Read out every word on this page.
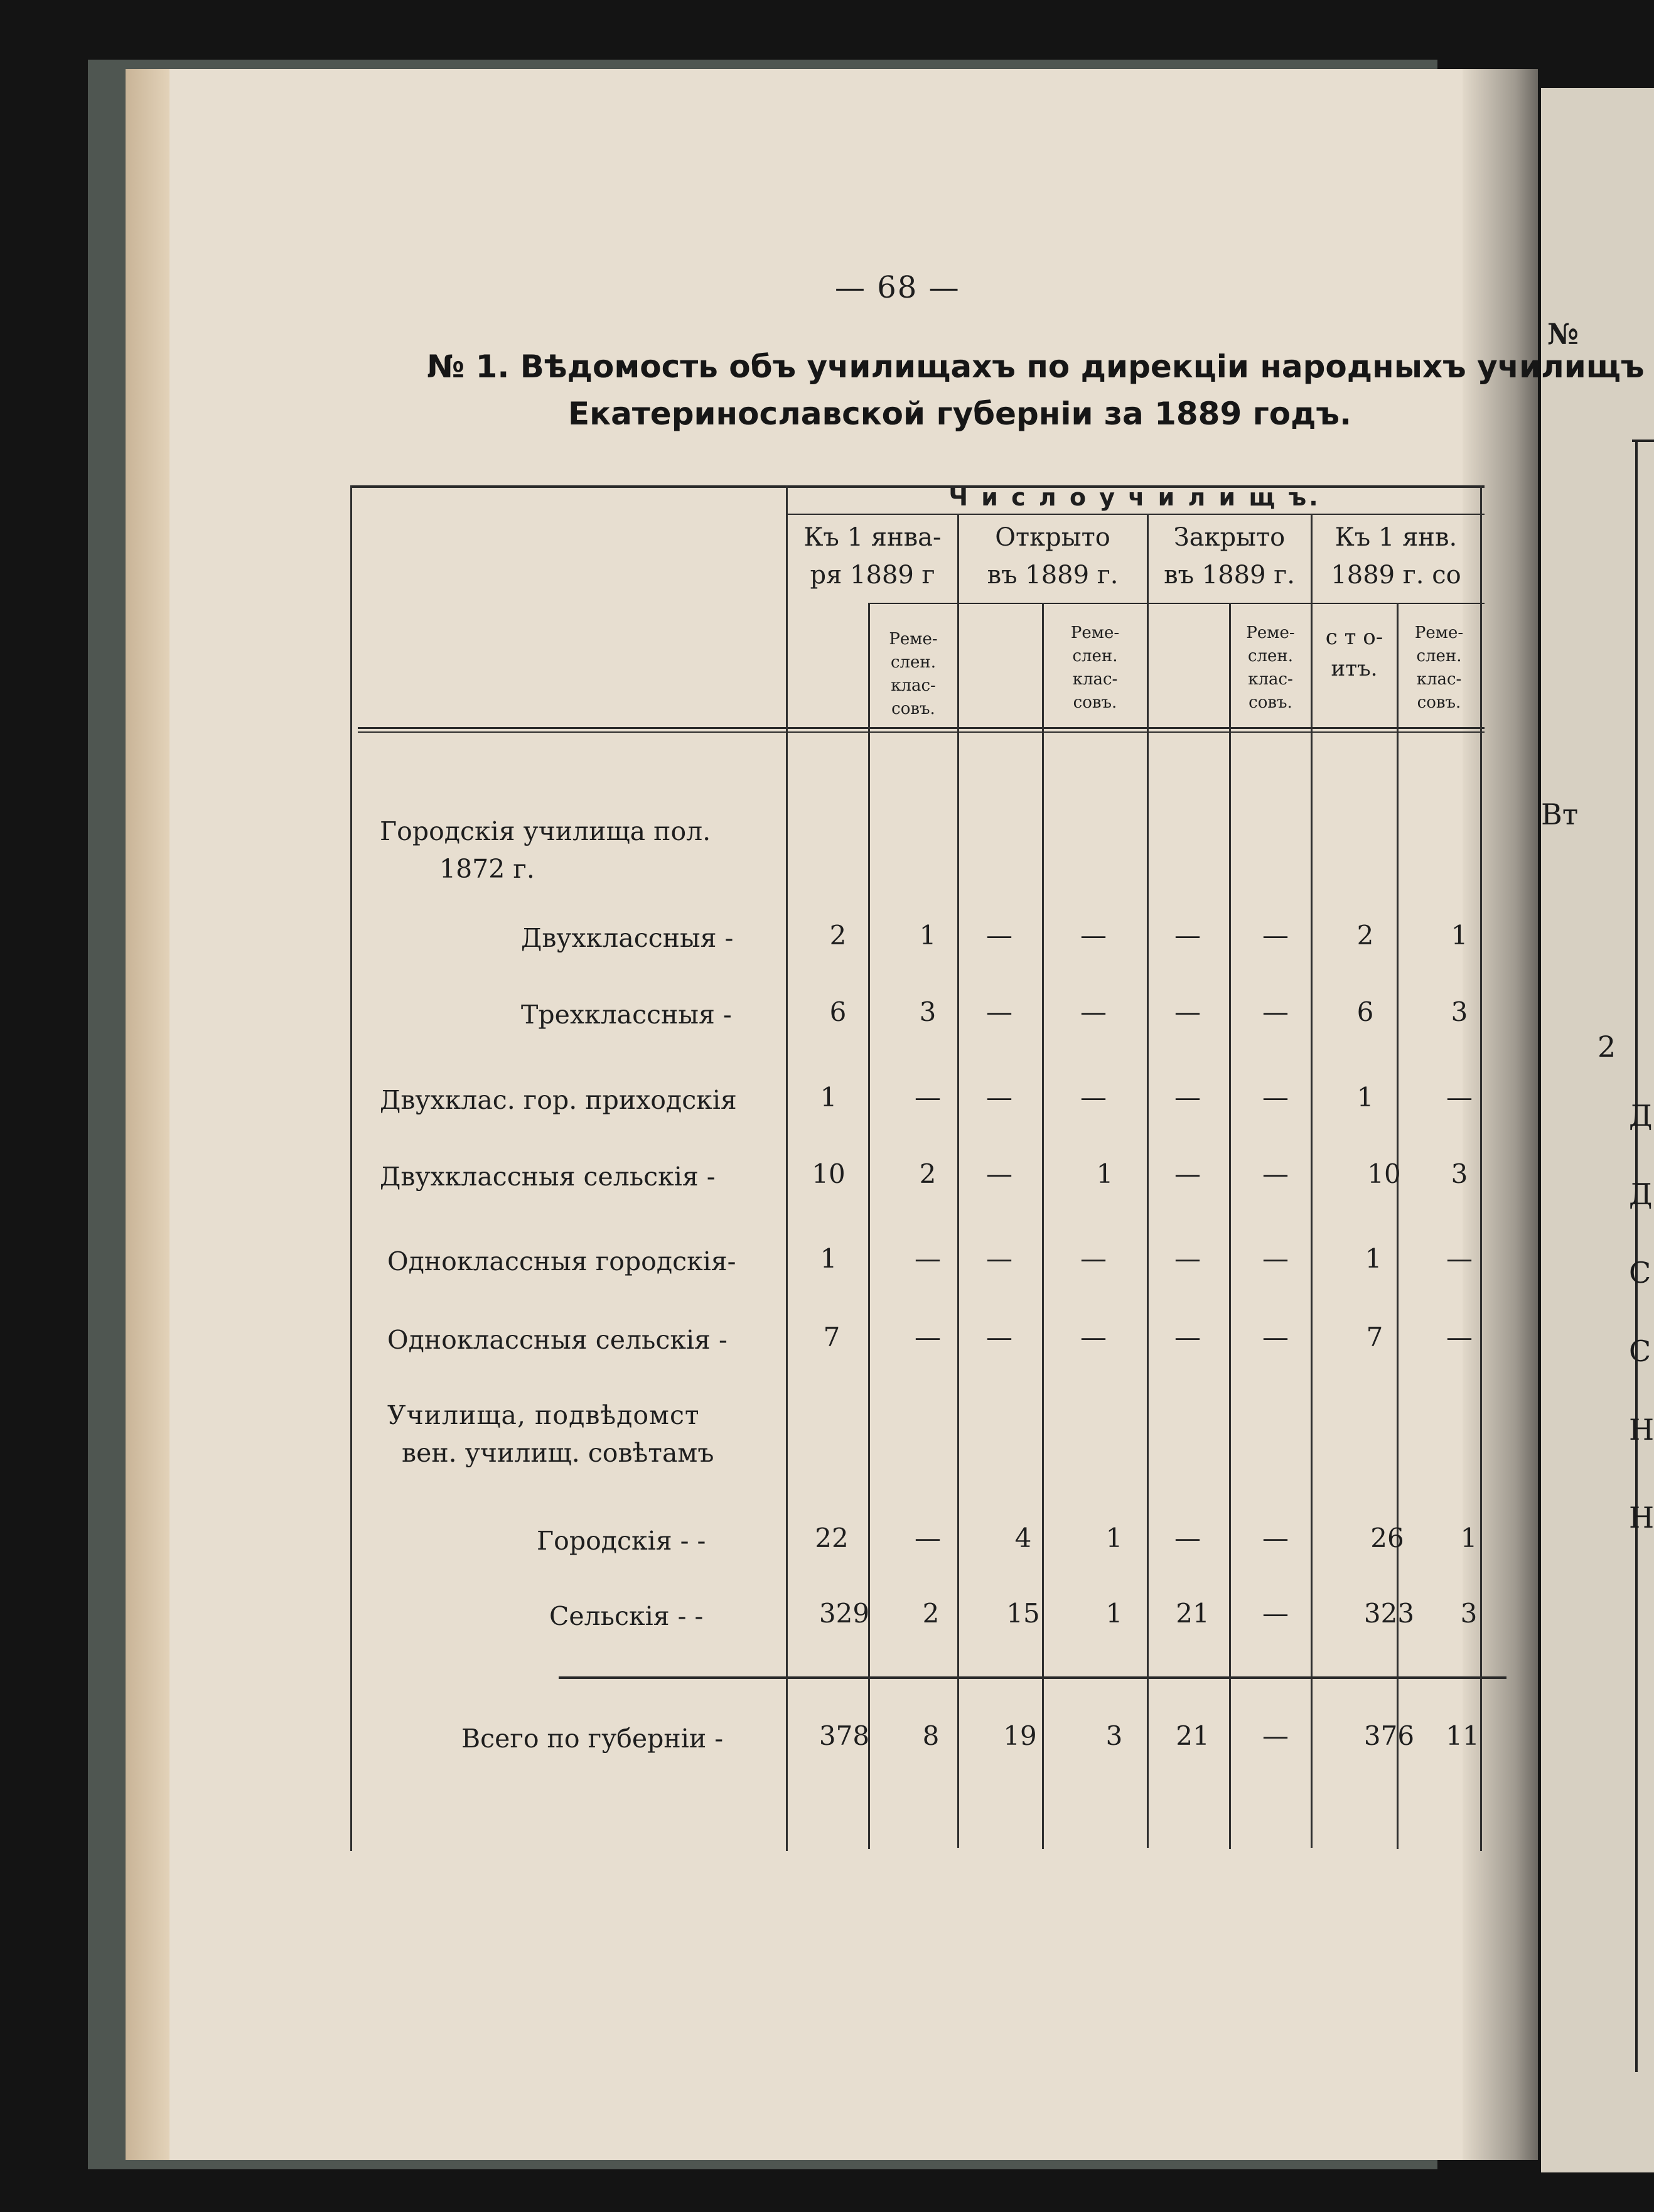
№
Вт
2
Д
Д
С
С
Н
Н
— 68 —
№ 1. Вѣдомость объ училищахъ по дирекціи народныхъ училищъ
Екатеринославской губерніи за 1889 годъ.
Ч и с л о у ч и л и щ ъ.
Къ 1 янва-
ря 1889 г
Открыто
въ 1889 г.
Закрыто
въ 1889 г.
Къ 1 янв.
1889 г. со
Реме-
слен.
клас-
совъ.
Реме-
слен.
клас-
совъ.
Реме-
слен.
клас-
совъ.
с т о-
итъ.
Реме-
слен.
клас-
совъ.
Городскія училища пол.
1872 г.
Училища, подвѣдомст
вен. училищ. совѣтамъ
Двухклассныя -	2	1	—	—	—	—	2	1
Трехклассныя -	6	3	—	—	—	—	6	3
Двухклас. гор. приходскія	1	—	—	—	—	—	1	—
Двухклассныя сельскія -	10	2	—	1	—	—	10	3
Одноклассныя городскія-	1	—	—	—	—	—	1	—
Одноклассныя сельскія -	7	—	—	—	—	—	7	—
Городскія - -	22	—	4	1	—	—	26	1
Сельскія - -	329	2	15	1	21	—	323	3
Всего по губерніи -	378	8	19	3	21	—	376	11
